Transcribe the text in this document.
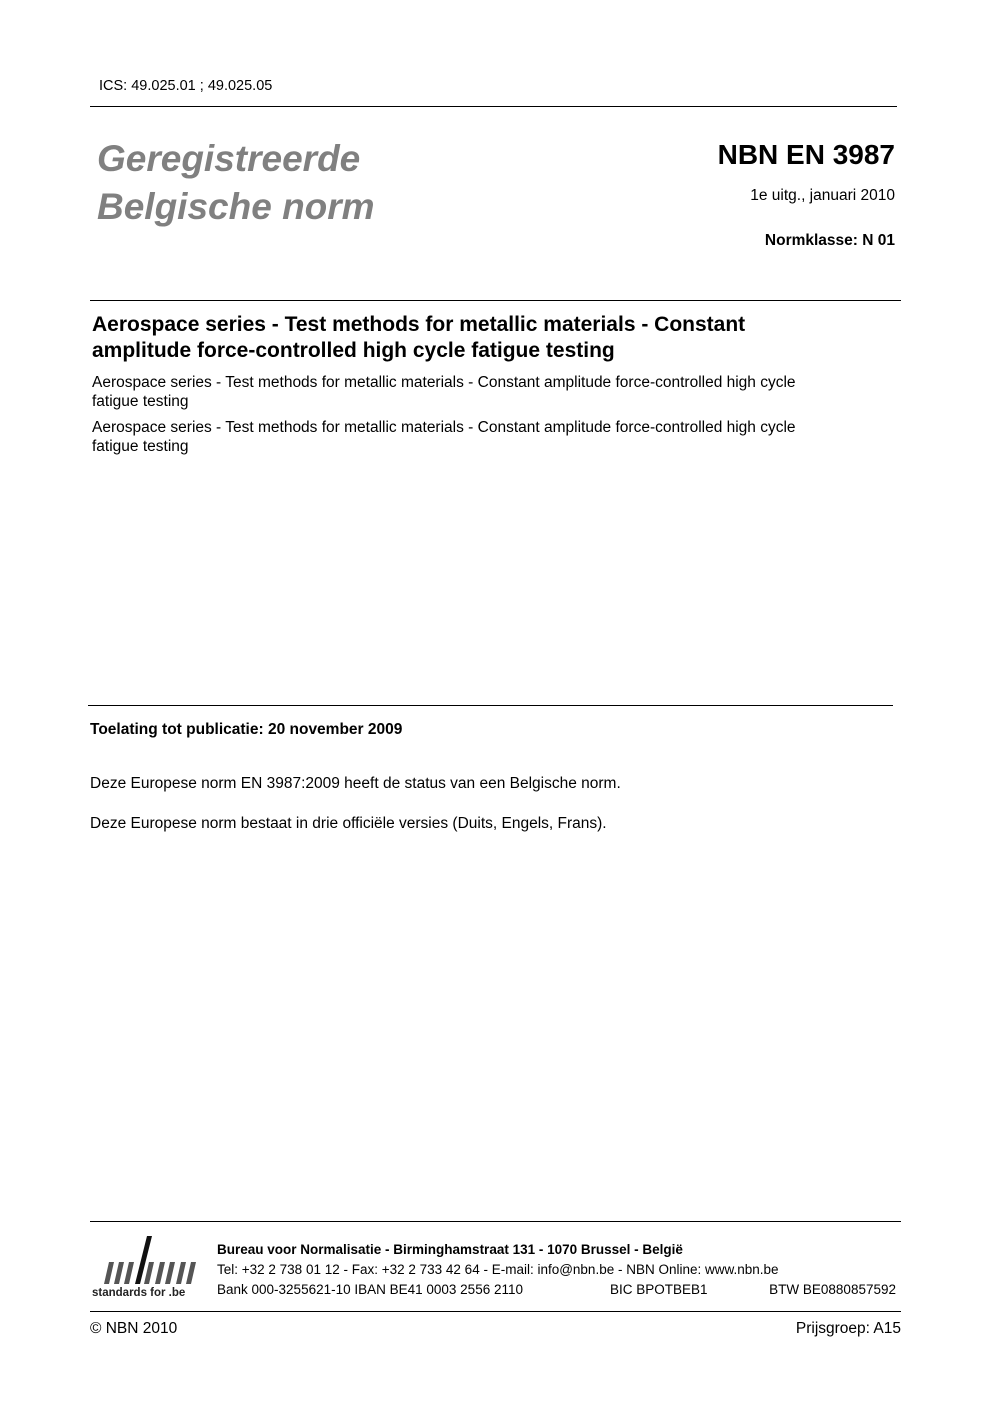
ICS: 49.025.01 ; 49.025.05
Geregistreerde
Belgische norm
NBN EN 3987
1e uitg., januari 2010
Normklasse: N 01
Aerospace series - Test methods for metallic materials - Constant
amplitude force-controlled high cycle fatigue testing
Aerospace series - Test methods for metallic materials - Constant amplitude force-controlled high cycle
fatigue testing
Aerospace series - Test methods for metallic materials - Constant amplitude force-controlled high cycle
fatigue testing
Toelating tot publicatie: 20 november 2009
Deze Europese norm EN 3987:2009 heeft de status van een Belgische norm.
Deze Europese norm bestaat in drie officiële versies (Duits, Engels, Frans).
standards for .be
Bureau voor Normalisatie - Birminghamstraat 131 - 1070 Brussel - België
Tel: +32 2 738 01 12 - Fax: +32 2 733 42 64 - E-mail: info@nbn.be - NBN Online: www.nbn.be
Bank 000-3255621-10 IBAN BE41 0003 2556 2110	BIC BPOTBEB1	BTW BE0880857592
© NBN 2010	Prijsgroep: A15
